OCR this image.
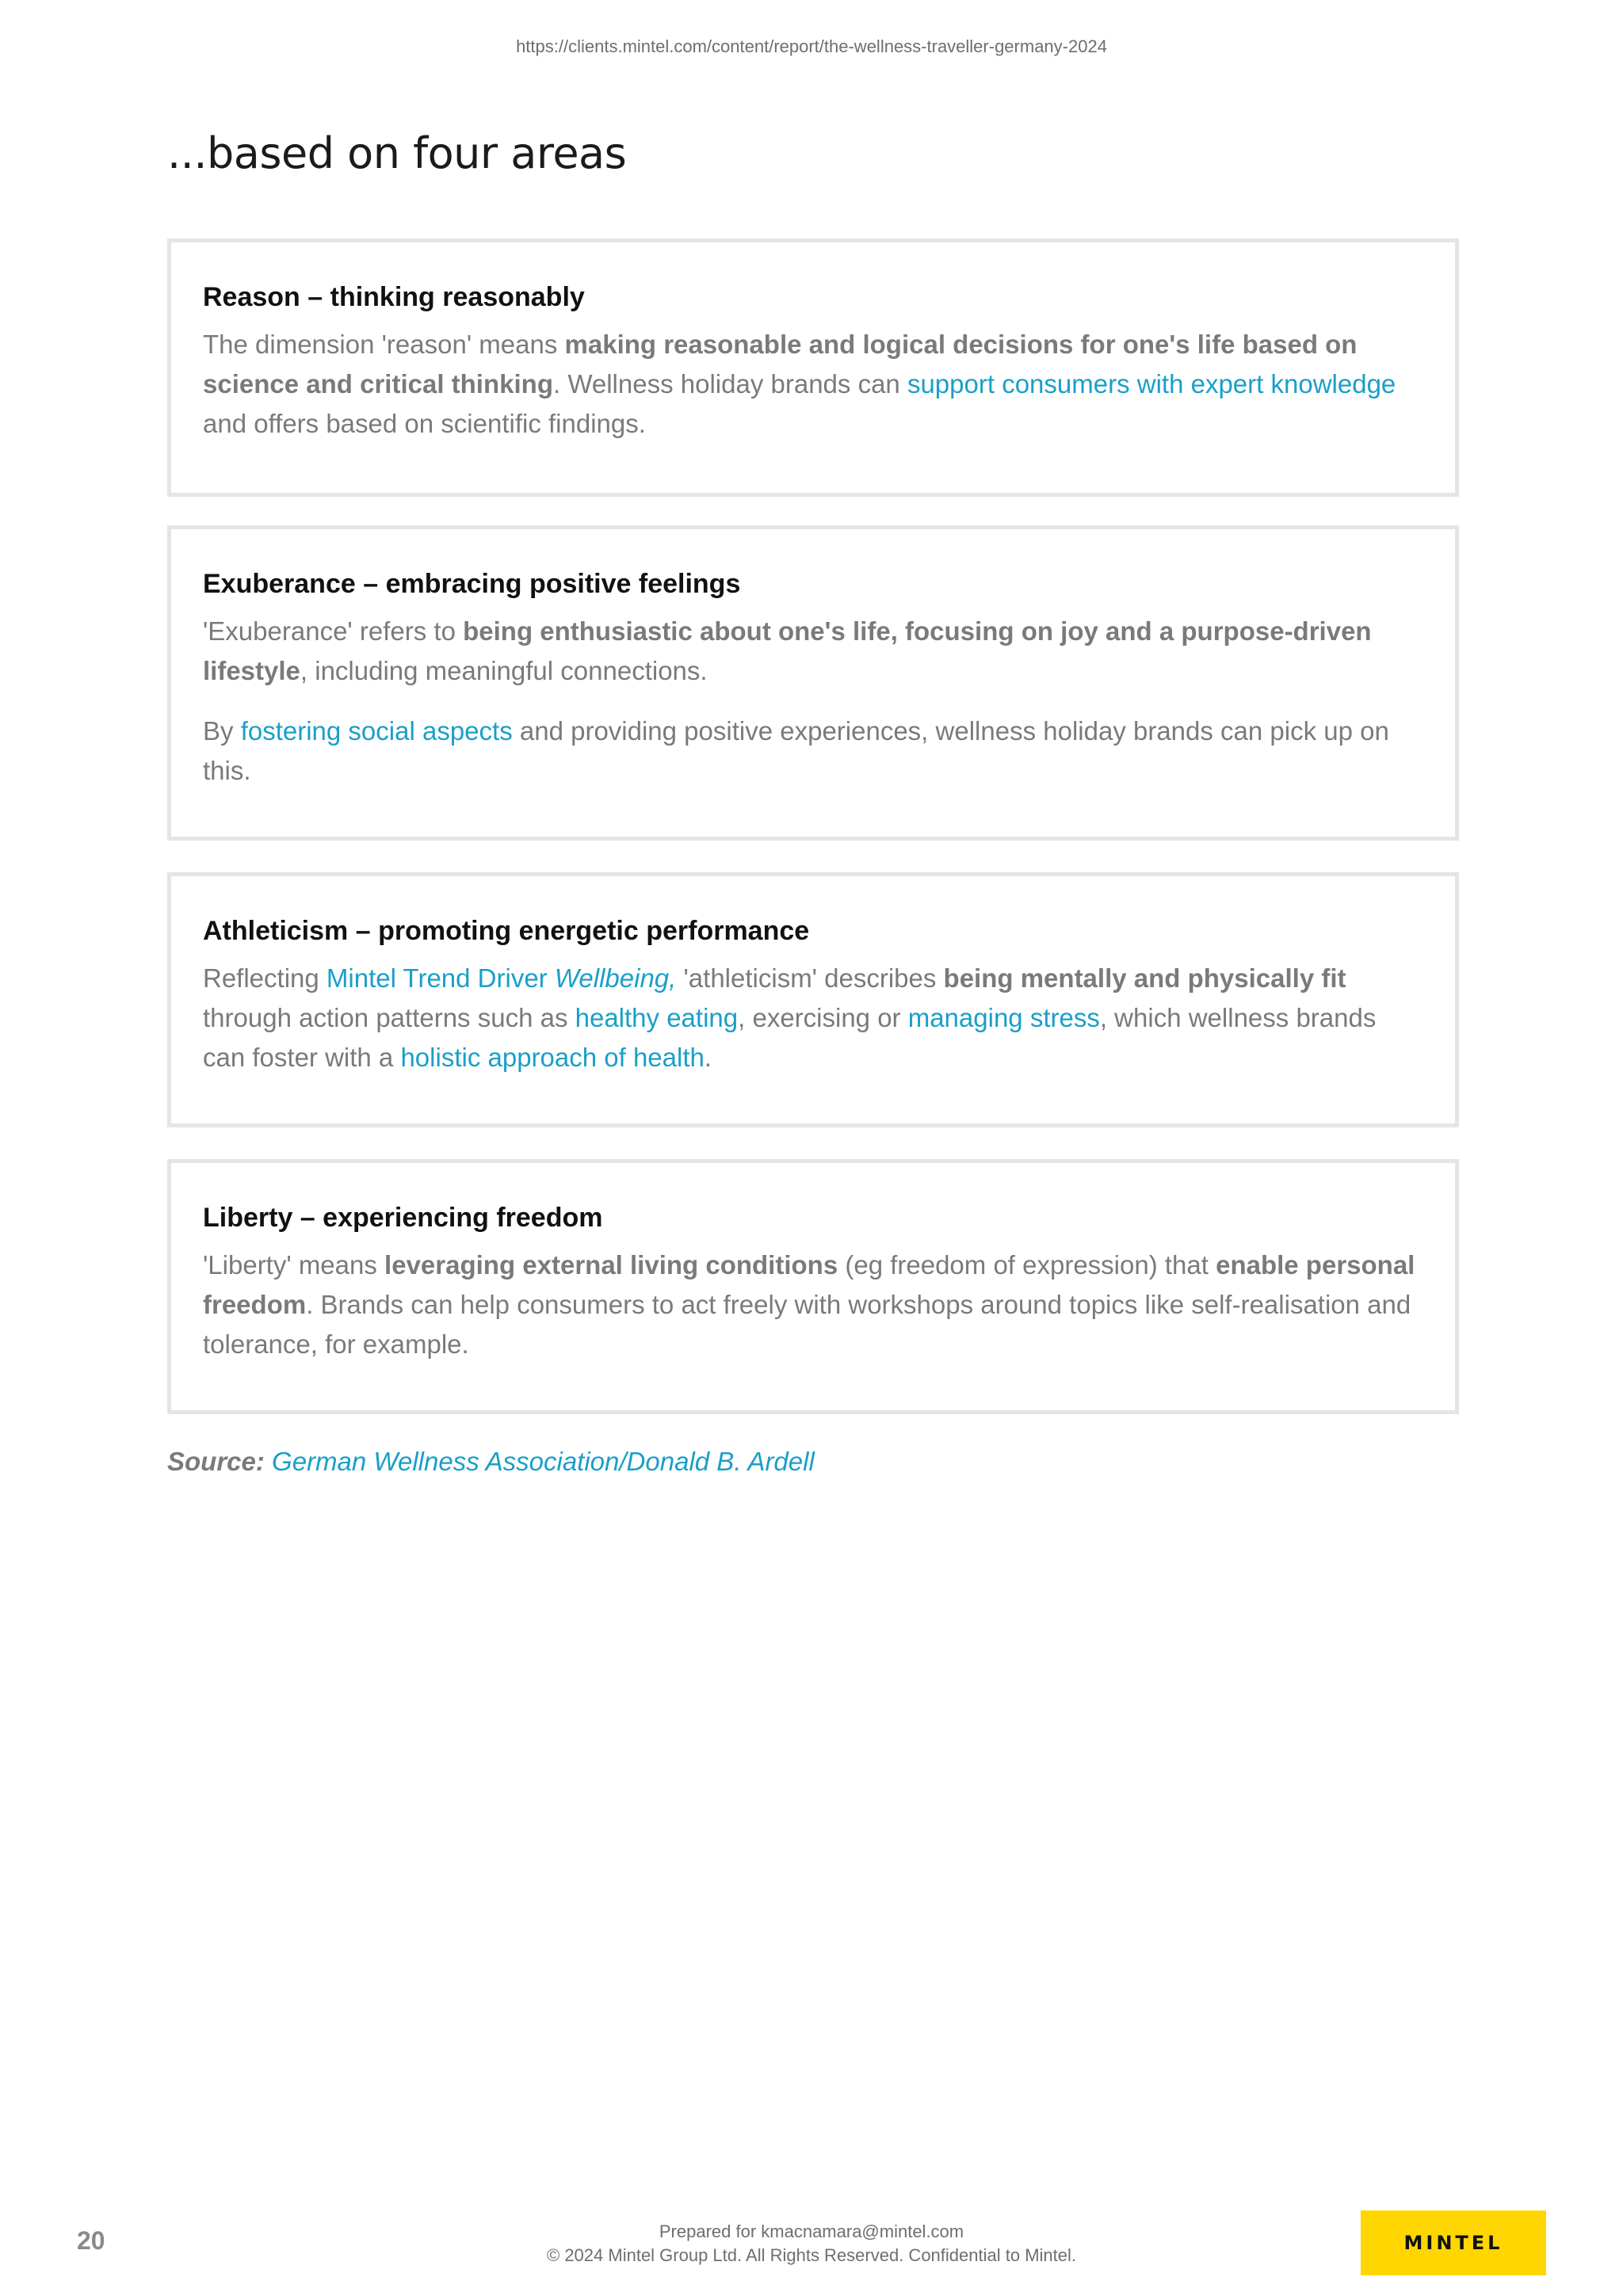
https://clients.mintel.com/content/report/the-wellness-traveller-germany-2024
...based on four areas
Reason – thinking reasonably

The dimension 'reason' means making reasonable and logical decisions for one's life based on science and critical thinking. Wellness holiday brands can support consumers with expert knowledge and offers based on scientific findings.

Exuberance – embracing positive feelings

'Exuberance' refers to being enthusiastic about one's life, focusing on joy and a purpose-driven lifestyle, including meaningful connections.

By fostering social aspects and providing positive experiences, wellness holiday brands can pick up on this.

Athleticism – promoting energetic performance

Reflecting Mintel Trend Driver Wellbeing, 'athleticism' describes being mentally and physically fit through action patterns such as healthy eating, exercising or managing stress, which wellness brands can foster with a holistic approach of health.

Liberty – experiencing freedom

'Liberty' means leveraging external living conditions (eg freedom of expression) that enable personal freedom. Brands can help consumers to act freely with workshops around topics like self-realisation and tolerance, for example.

Source: German Wellness Association/Donald B. Ardell
20	Prepared for kmacnamara@mintel.com
© 2024 Mintel Group Ltd. All Rights Reserved. Confidential to Mintel.
MINTEL
